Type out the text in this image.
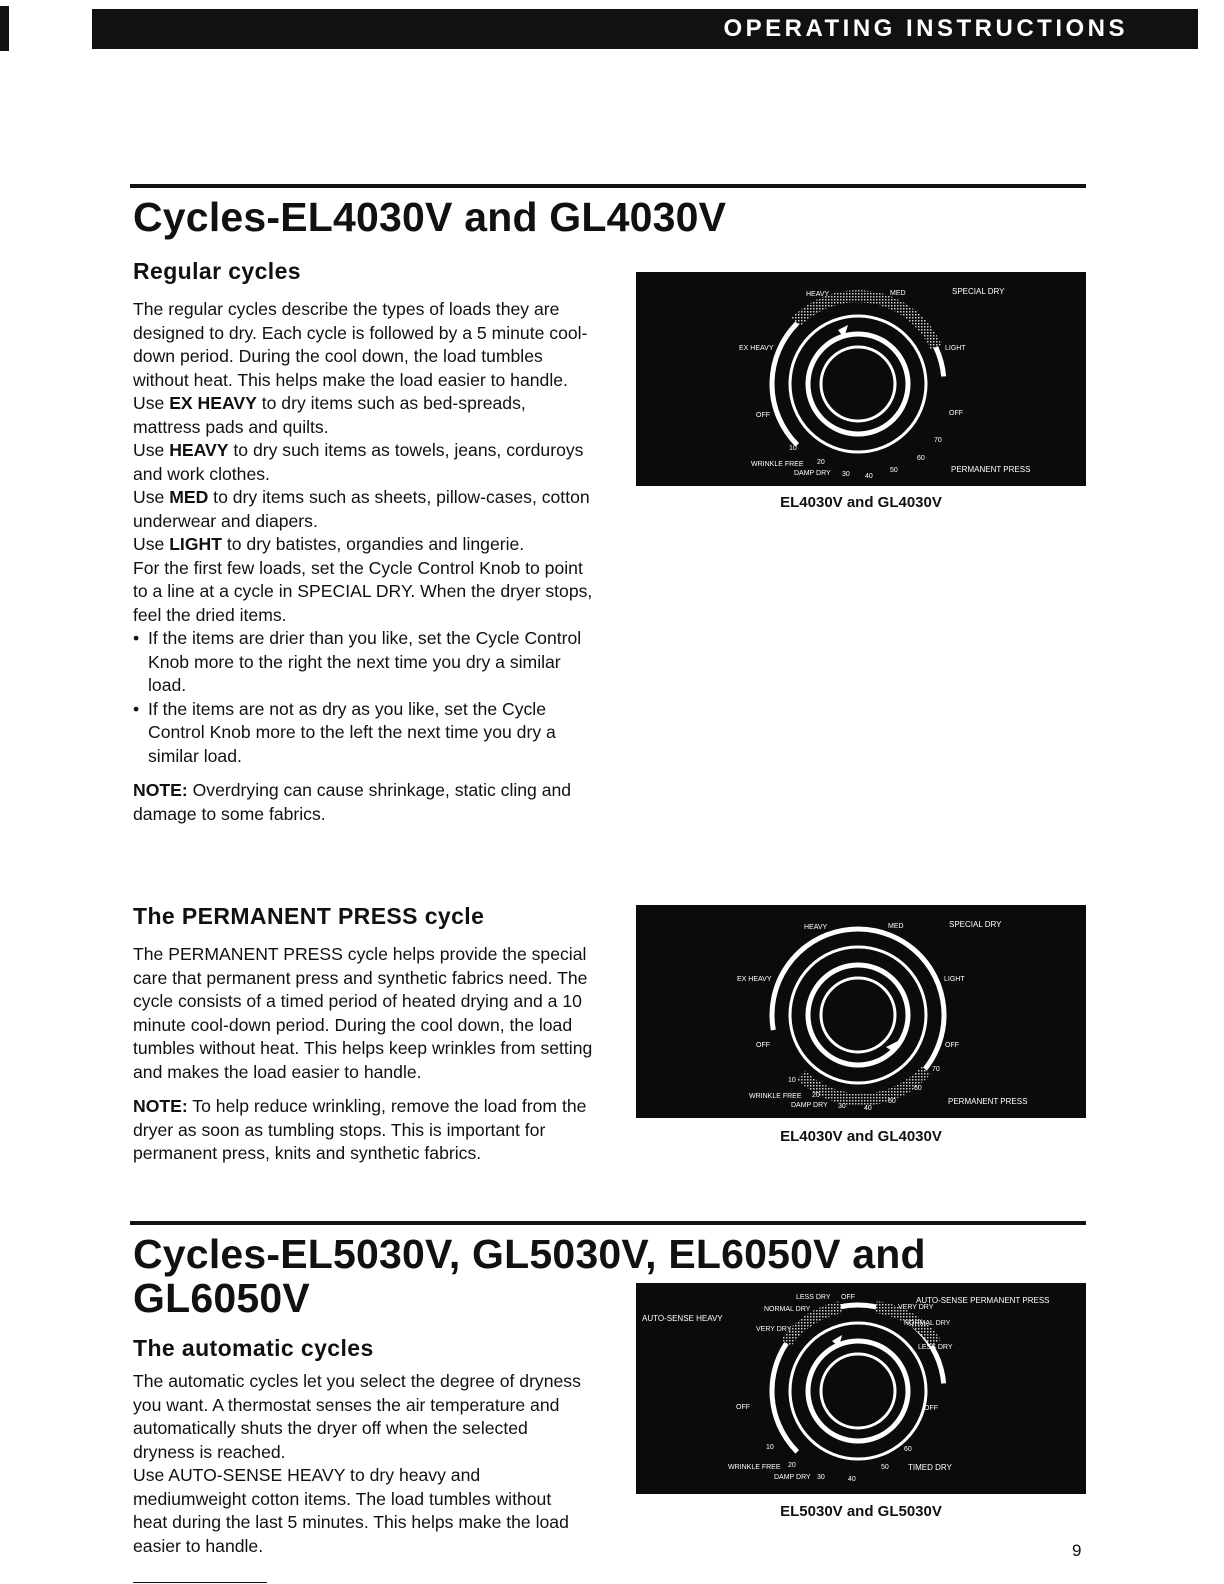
OPERATING INSTRUCTIONS
Cycles-EL4030V and GL4030V
Regular cycles

The regular cycles describe the types of loads they are designed to dry. Each cycle is followed by a 5 minute cool-down period. During the cool down, the load tumbles without heat. This helps make the load easier to handle.

Use EX HEAVY to dry items such as bed-spreads, mattress pads and quilts.

Use HEAVY to dry such items as towels, jeans, corduroys and work clothes.

Use MED to dry items such as sheets, pillow-cases, cotton underwear and diapers.

Use LIGHT to dry batistes, organdies and lingerie.

For the first few loads, set the Cycle Control Knob to point to a line at a cycle in SPECIAL DRY. When the dryer stops, feel the dried items.

• If the items are drier than you like, set the Cycle Control Knob more to the right the next time you dry a similar load.
• If the items are not as dry as you like, set the Cycle Control Knob more to the left the next time you dry a similar load.

NOTE: Overdrying can cause shrinkage, static cling and damage to some fabrics.

The PERMANENT PRESS cycle

The PERMANENT PRESS cycle helps provide the special care that permanent press and synthetic fabrics need. The cycle consists of a timed period of heated drying and a 10 minute cool-down period. During the cool down, the load tumbles without heat. This helps keep wrinkles from setting and makes the load easier to handle.

NOTE: To help reduce wrinkling, remove the load from the dryer as soon as tumbling stops. This is important for permanent press, knits and synthetic fabrics.

Cycles-EL5030V, GL5030V, EL6050V and
GL6050V
The automatic cycles

The automatic cycles let you select the degree of dryness you want. A thermostat senses the air temperature and automatically shuts the dryer off when the selected dryness is reached.

Use AUTO-SENSE HEAVY to dry heavy and mediumweight cotton items. The load tumbles without heat during the last 5 minutes. This helps make the load easier to handle.

HEAVY	MED	SPECIAL DRY
EX HEAVY	LIGHT
OFF	OFF
70
60
50
40
30
20
10
WRINKLE FREE
DAMP DRY	PERMANENT PRESS
EL4030V and GL4030V
HEAVY	MED	SPECIAL DRY
EX HEAVY	LIGHT
OFF	OFF
70
60
50
40
30
20
10
WRINKLE FREE
DAMP DRY	PERMANENT PRESS
EL4030V and GL4030V
AUTO-SENSE HEAVY
AUTO-SENSE PERMANENT PRESS
LESS DRY OFF
NORMAL DRY
VERY DRY
VERY DRY
NORMAL DRY
LESS DRY
OFF	OFF
60
50
40
30
20
10
WRINKLE FREE
DAMP DRY
TIMED DRY
EL5030V and GL5030V
9
